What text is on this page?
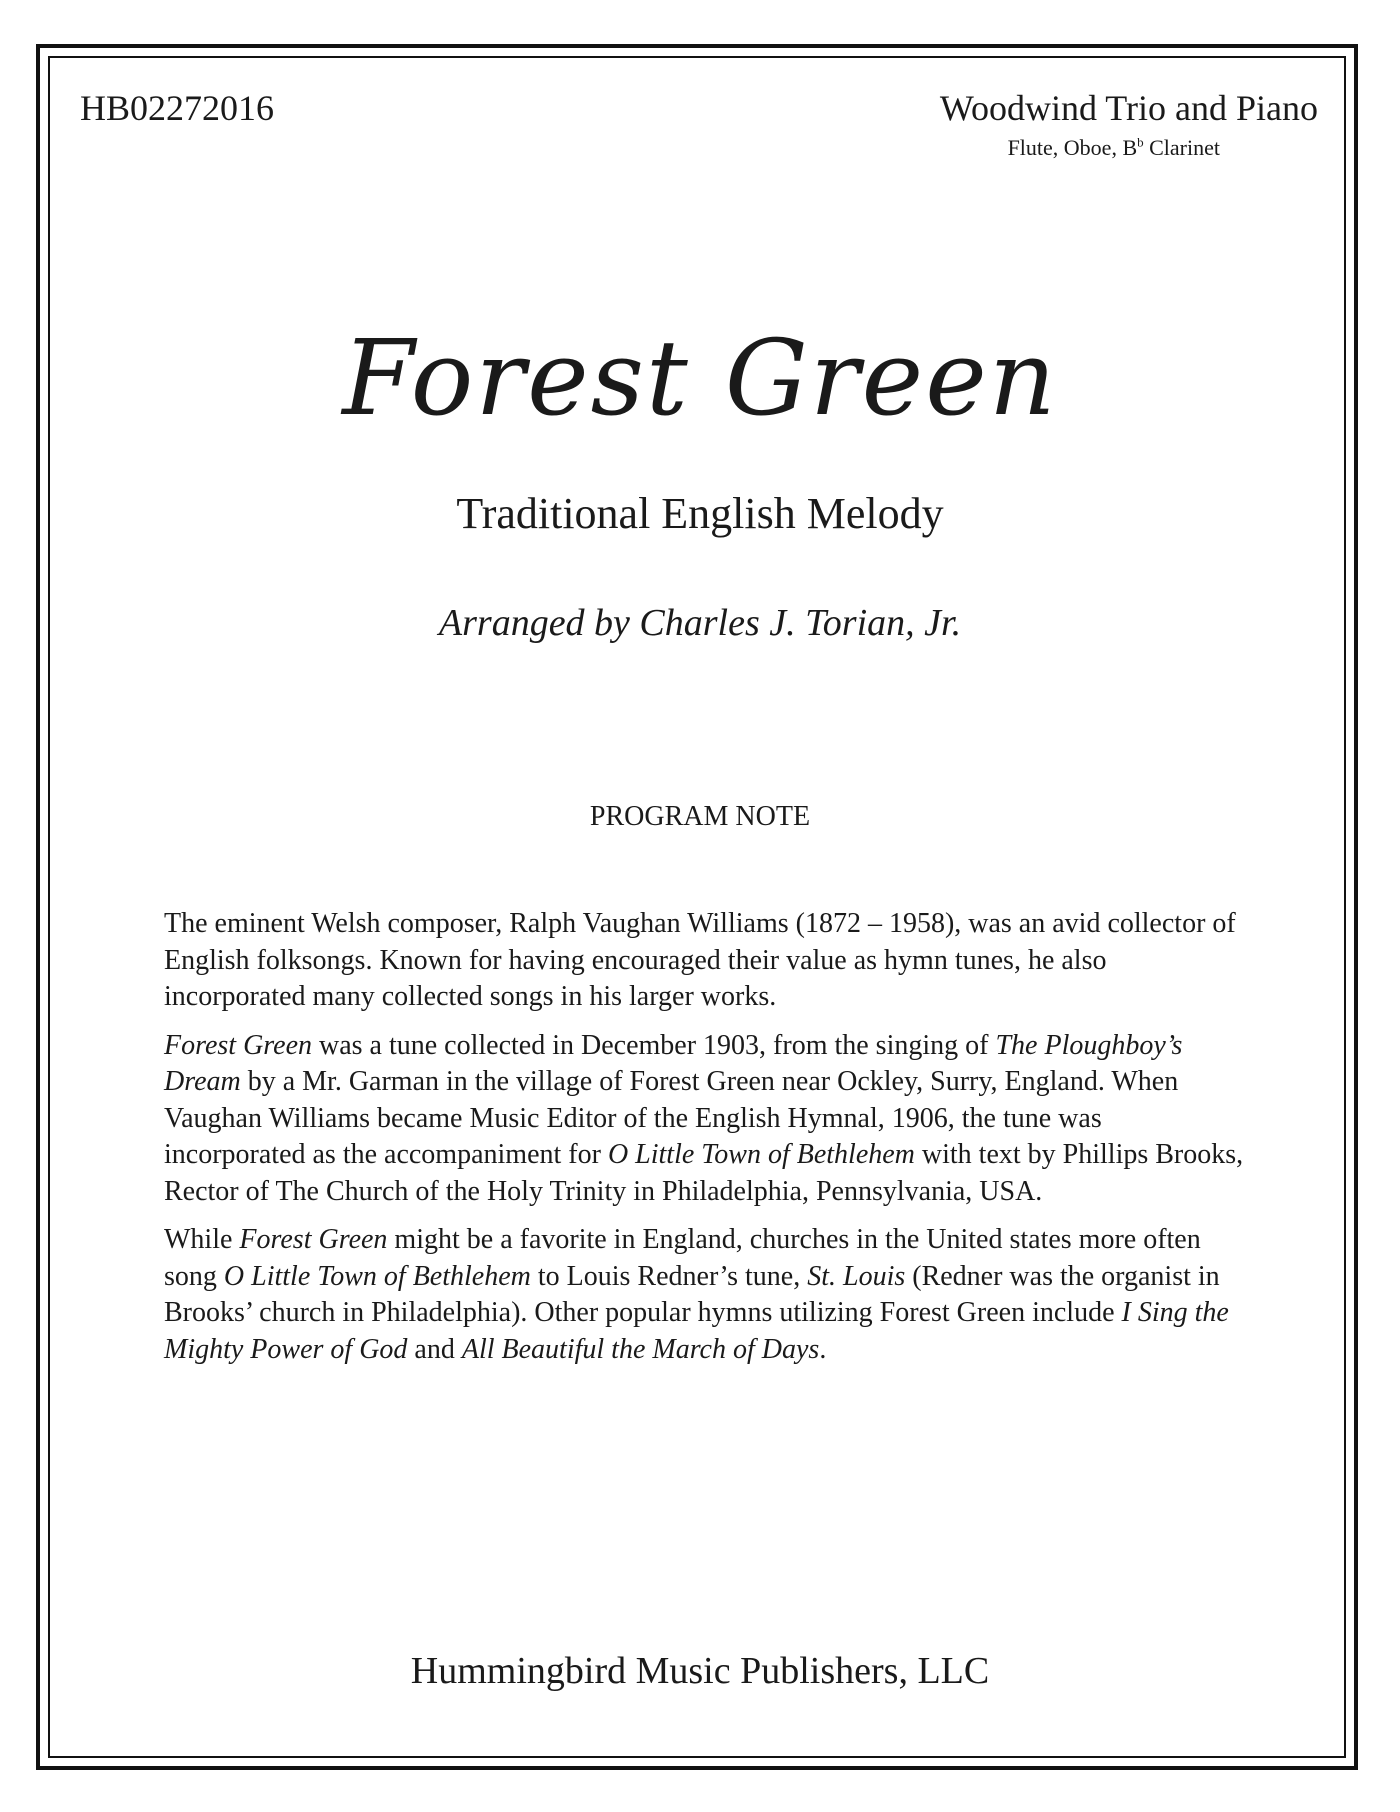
HB02272016	Woodwind Trio and Piano
Flute, Oboe, $B^b$ Clarinet
Forest Green
Traditional English Melody
Arranged by Charles J. Torian, Jr.
PROGRAM NOTE

The eminent Welsh composer, Ralph Vaughan Williams (1872 – 1958), was an avid collector of English folksongs. Known for having encouraged their value as hymn tunes, he also incorporated many collected songs in his larger works.

Forest Green was a tune collected in December 1903, from the singing of The Ploughboy’s Dream by a Mr. Garman in the village of Forest Green near Ockley, Surry, England. When Vaughan Williams became Music Editor of the English Hymnal, 1906, the tune was incorporated as the accompaniment for O Little Town of Bethlehem with text by Phillips Brooks, Rector of The Church of the Holy Trinity in Philadelphia, Pennsylvania, USA.

While Forest Green might be a favorite in England, churches in the United states more often song O Little Town of Bethlehem to Louis Redner’s tune, St. Louis (Redner was the organist in Brooks’ church in Philadelphia). Other popular hymns utilizing Forest Green include I Sing the Mighty Power of God and All Beautiful the March of Days.

Hummingbird Music Publishers, LLC
